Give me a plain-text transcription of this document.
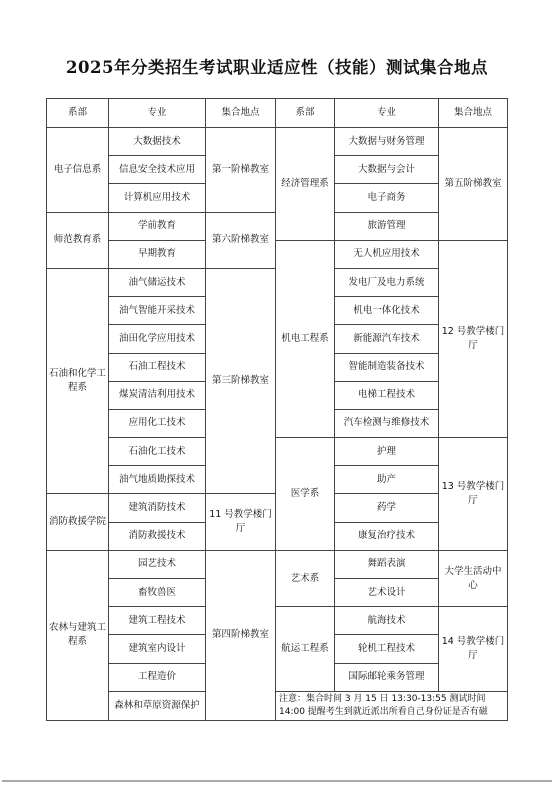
2025年分类招生考试职业适应性（技能）测试集合地点
系部	专业	集合地点	系部	专业	集合地点
电子信息系	大数据技术	第一阶梯教室	经济管理系	大数据与财务管理	第五阶梯教室
	信息安全技术应用			大数据与会计	
	计算机应用技术			电子商务	
师范教育系	学前教育	第六阶梯教室		旅游管理	
	早期教育		机电工程系	无人机应用技术	12 号教学楼门厅
石油和化学工程系	油气储运技术	第三阶梯教室		发电厂及电力系统	
	油气智能开采技术			机电一体化技术	
	油田化学应用技术			新能源汽车技术	
	石油工程技术			智能制造装备技术	
	煤炭清洁利用技术			电梯工程技术	
	应用化工技术			汽车检测与维修技术	
	石油化工技术		医学系	护理	13 号教学楼门厅
	油气地质勘探技术			助产	
消防救援学院	建筑消防技术	11 号教学楼门厅		药学	
	消防救援技术			康复治疗技术	
农林与建筑工程系	园艺技术	第四阶梯教室	艺术系	舞蹈表演	大学生活动中心
	畜牧兽医			艺术设计	
	建筑工程技术		航运工程系	航海技术	14 号教学楼门厅
	建筑室内设计			轮机工程技术	
	工程造价			国际邮轮乘务管理	
	森林和草原资源保护		注意：集合时间 3 月 15 日 13:30-13:55 测试时间 14:00 提醒考生到就近派出所看自己身份证是否有磁		
